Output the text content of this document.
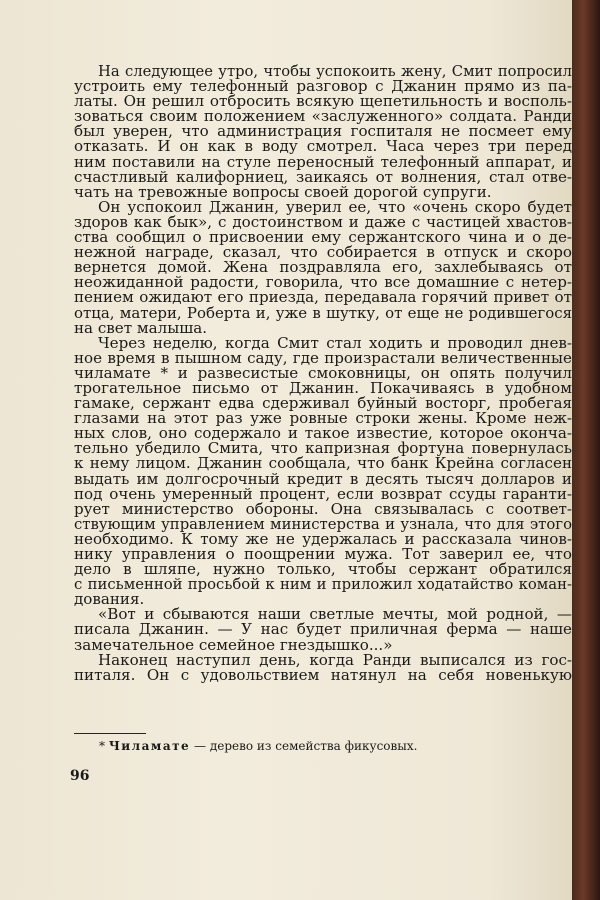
На следующее утро, чтобы успокоить жену, Смит попросил
устроить ему телефонный разговор с Джанин прямо из па-
латы. Он решил отбросить всякую щепетильность и восполь-
зоваться своим положением «заслуженного» солдата. Ранди
был уверен, что администрация госпиталя не посмеет ему
отказать. И он как в воду смотрел. Часа через три перед
ним поставили на стуле переносный телефонный аппарат, и
счастливый калифорниец, заикаясь от волнения, стал отве-
чать на тревожные вопросы своей дорогой супруги.
Он успокоил Джанин, уверил ее, что «очень скоро будет
здоров как бык», с достоинством и даже с частицей хвастов-
ства сообщил о присвоении ему сержантского чина и о де-
нежной награде, сказал, что собирается в отпуск и скоро
вернется домой. Жена поздравляла его, захлебываясь от
неожиданной радости, говорила, что все домашние с нетер-
пением ожидают его приезда, передавала горячий привет от
отца, матери, Роберта и, уже в шутку, от еще не родившегося
на свет малыша.
Через неделю, когда Смит стал ходить и проводил днев-
ное время в пышном саду, где произрастали величественные
чиламате * и развесистые смоковницы, он опять получил
трогательное письмо от Джанин. Покачиваясь в удобном
гамаке, сержант едва сдерживал буйный восторг, пробегая
глазами на этот раз уже ровные строки жены. Кроме неж-
ных слов, оно содержало и такое известие, которое оконча-
тельно убедило Смита, что капризная фортуна повернулась
к нему лицом. Джанин сообщала, что банк Крейна согласен
выдать им долгосрочный кредит в десять тысяч долларов и
под очень умеренный процент, если возврат ссуды гаранти-
рует министерство обороны. Она связывалась с соответ-
ствующим управлением министерства и узнала, что для этого
необходимо. К тому же не удержалась и рассказала чинов-
нику управления о поощрении мужа. Тот заверил ее, что
дело в шляпе, нужно только, чтобы сержант обратился
с письменной просьбой к ним и приложил ходатайство коман-
дования.
«Вот и сбываются наши светлые мечты, мой родной, —
писала Джанин. — У нас будет приличная ферма — наше
замечательное семейное гнездышко...»
Наконец наступил день, когда Ранди выписался из гос-
питаля. Он с удовольствием натянул на себя новенькую
* Чиламате — дерево из семейства фикусовых.
96
